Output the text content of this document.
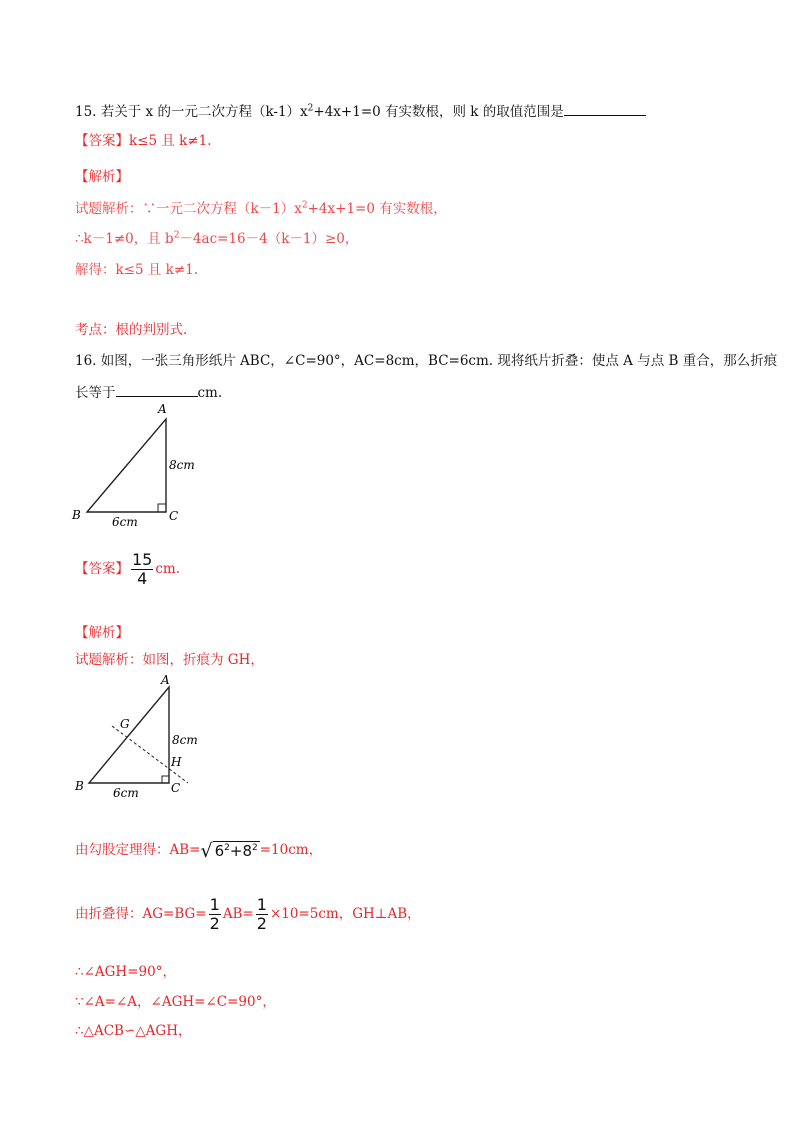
15. 若关于 x 的一元二次方程$(k-1)x^2+4x+1=0$ 有实数根，则 k 的取值范围是
【答案】k≤5 且 k≠1.
【解析】
试题解析：∵一元二次方程$(k-1)x^2+4x+1=0$ 有实数根，
∴k－1≠0，且 $b^2-4ac=16-4(k-1)\ge 0$，
解得：k≤5 且 k≠1.
考点：根的判别式.
16. 如图，一张三角形纸片 ABC，∠C=90°，AC=8cm，BC=6cm. 现将纸片折叠：使点 A 与点 B 重合，那么折痕
长等于	cm.
A
B	C
8cm
6cm
【答案】 $\frac{15}{4}$ cm.
【解析】
试题解析：如图，折痕为 GH，
A
B	C
G
H
8cm
6cm
由勾股定理得：AB= √ $6^2+8^2 =10cm$，
由折叠得：$AG=BG= \frac{1}{2} AB= \frac{1}{2} \times 10=5cm$，GH⊥AB，
∴∠AGH=90°，
∵∠A=∠A，∠AGH=∠C=90°，
∴△ACB∽△AGH，
